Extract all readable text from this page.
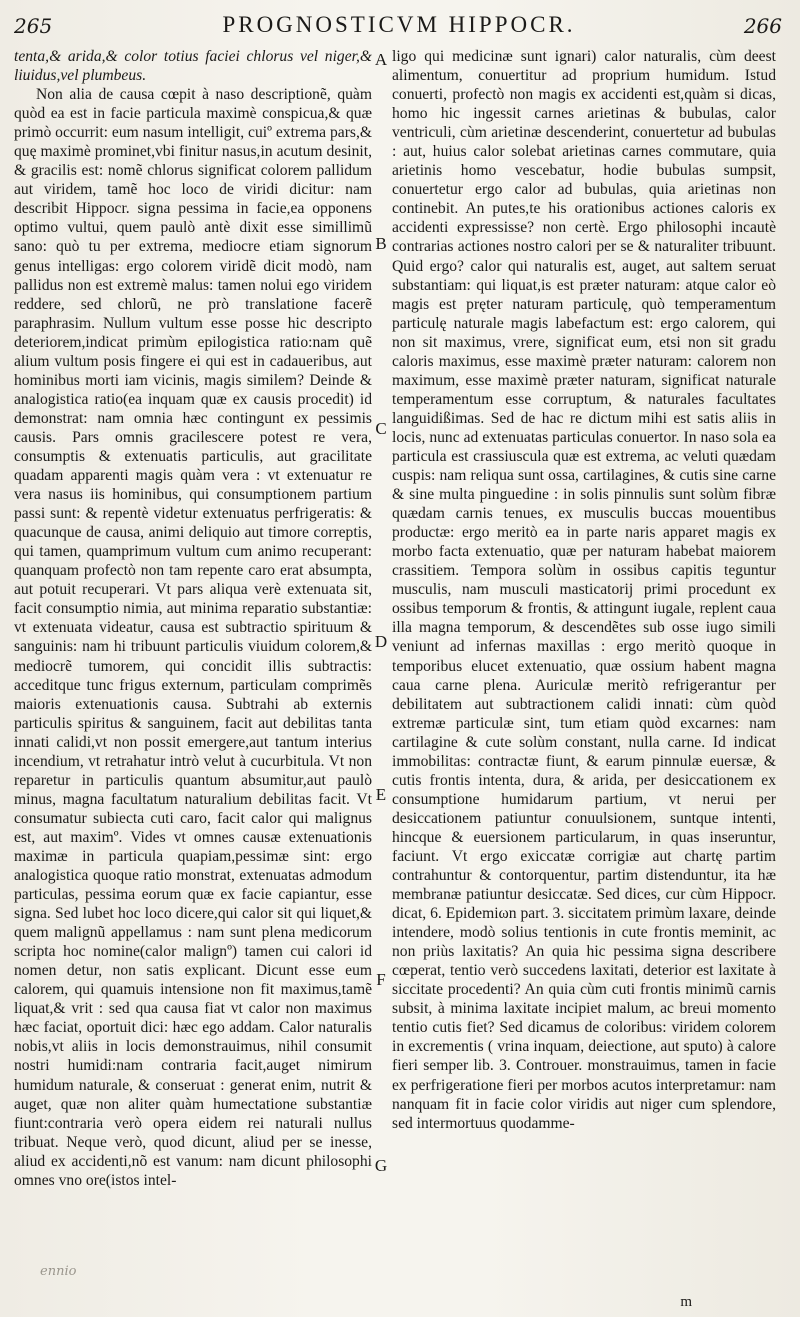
265	PROGNOSTICVM HIPPOCR.	266

tenta,& arida,& color totius faciei chlorus vel niger,& liuidus,vel plumbeus.

Non alia de causa cœpit à naso descriptionẽ, quàm quòd ea est in facie particula maximè conspicua,& quæ primò occurrit: eum nasum intelligit, cuiº extrema pars,& quę maximè prominet,vbi finitur nasus,in acutum desinit, & gracilis est: nomẽ chlorus significat colorem pallidum aut viridem, tamẽ hoc loco de viridi dicitur: nam describit Hippocr. signa pessima in facie,ea opponens optimo vultui, quem paulò antè dixit esse simillimũ sano: quò tu per extrema, mediocre etiam signorum genus intelligas: ergo colorem viridẽ dicit modò, nam pallidus non est extremè malus: tamen nolui ego viridem reddere, sed chlorũ, ne prò translatione facerẽ paraphrasim. Nullum vultum esse posse hic descripto deteriorem,indicat primùm epilogistica ratio:nam quẽ alium vultum posis fingere ei qui est in cadaueribus, aut hominibus morti iam vicinis, magis similem? Deinde & analogistica ratio(ea inquam quæ ex causis procedit) id demonstrat: nam omnia hæc contingunt ex pessimis causis. Pars omnis gracilescere potest re vera, consumptis & extenuatis particulis, aut gracilitate quadam apparenti magis quàm vera : vt extenuatur re vera nasus iis hominibus, qui consumptionem partium passi sunt: & repentè videtur extenuatus perfrigeratis: & quacunque de causa, animi deliquio aut timore correptis, qui tamen, quamprimum vultum cum animo recuperant: quanquam profectò non tam repente caro erat absumpta, aut potuit recuperari. Vt pars aliqua verè extenuata sit, facit consumptio nimia, aut minima reparatio substantiæ: vt extenuata videatur, causa est subtractio spirituum & sanguinis: nam hi tribuunt particulis viuidum colorem,& mediocrẽ tumorem, qui concidit illis subtractis: acceditque tunc frigus externum, particulam comprimẽs maioris extenuationis causa. Subtrahi ab externis particulis spiritus & sanguinem, facit aut debilitas tanta innati calidi,vt non possit emergere,aut tantum interius incendium, vt retrahatur intrò velut à cucurbitula. Vt non reparetur in particulis quantum absumitur,aut paulò minus, magna facultatum naturalium debilitas facit. Vt consumatur subiecta cuti caro, facit calor qui malignus est, aut maximº. Vides vt omnes causæ extenuationis maximæ in particula quapiam,pessimæ sint: ergo analogistica quoque ratio monstrat, extenuatas admodum particulas, pessima eorum quæ ex facie capiantur, esse signa. Sed lubet hoc loco dicere,qui calor sit qui liquet,& quem malignũ appellamus : nam sunt plena medicorum scripta hoc nomine(calor malignº) tamen cui calori id nomen detur, non satis explicant. Dicunt esse eum calorem, qui quamuis intensione non fit maximus,tamẽ liquat,& vrit : sed qua causa fiat vt calor non maximus hæc faciat, oportuit dici: hæc ego addam. Calor naturalis nobis,vt aliis in locis demonstrauimus, nihil consumit nostri humidi:nam contraria facit,auget nimirum humidum naturale, & conseruat : generat enim, nutrit & auget, quæ non aliter quàm humectatione substantiæ fiunt:contraria verò opera eidem rei naturali nullus tribuat. Neque verò, quod dicunt, aliud per se inesse, aliud ex accidenti,nõ est vanum: nam dicunt philosophi omnes vno ore(istos intel-

A
B
C
D
E
F
G

ligo qui medicinæ sunt ignari) calor naturalis, cùm deest alimentum, conuertitur ad proprium humidum. Istud conuerti, profectò non magis ex accidenti est,quàm si dicas, homo hic ingessit carnes arietinas & bubulas, calor ventriculi, cùm arietinæ descenderint, conuertetur ad bubulas : aut, huius calor solebat arietinas carnes commutare, quia arietinis homo vescebatur, hodie bubulas sumpsit, conuertetur ergo calor ad bubulas, quia arietinas non continebit. An putes,te his orationibus actiones caloris ex accidenti expressisse? non certè. Ergo philosophi incautè contrarias actiones nostro calori per se & naturaliter tribuunt. Quid ergo? calor qui naturalis est, auget, aut saltem seruat substantiam: qui liquat,is est præter naturam: atque calor eò magis est pręter naturam particulę, quò temperamentum particulę naturale magis labefactum est: ergo calorem, qui non sit maximus, vrere, significat eum, etsi non sit gradu caloris maximus, esse maximè præter naturam: calorem non maximum, esse maximè præter naturam, significat naturale temperamentum esse corruptum, & naturales facultates languidißimas. Sed de hac re dictum mihi est satis aliis in locis, nunc ad extenuatas particulas conuertor. In naso sola ea particula est crassiuscula quæ est extrema, ac veluti quædam cuspis: nam reliqua sunt ossa, cartilagines, & cutis sine carne & sine multa pinguedine : in solis pinnulis sunt solùm fibræ quædam carnis tenues, ex musculis buccas mouentibus productæ: ergo meritò ea in parte naris apparet magis ex morbo facta extenuatio, quæ per naturam habebat maiorem crassitiem. Tempora solùm in ossibus capitis teguntur musculis, nam musculi masticatorij primi procedunt ex ossibus temporum & frontis, & attingunt iugale, replent caua illa magna temporum, & descendẽtes sub osse iugo simili veniunt ad infernas maxillas : ergo meritò quoque in temporibus elucet extenuatio, quæ ossium habent magna caua carne plena. Auriculæ meritò refrigerantur per debilitatem aut subtractionem calidi innati: cùm quòd extremæ particulæ sint, tum etiam quòd excarnes: nam cartilagine & cute solùm constant, nulla carne. Id indicat immobilitas: contractæ fiunt, & earum pinnulæ euersæ, & cutis frontis intenta, dura, & arida, per desiccationem ex consumptione humidarum partium, vt nerui per desiccationem patiuntur conuulsionem, suntque intenti, hincque & euersionem particularum, in quas inseruntur, faciunt. Vt ergo exiccatæ corrigiæ aut chartę partim contrahuntur & contorquentur, partim distenduntur, ita hæ membranæ patiuntur desiccatæ. Sed dices, cur cùm Hippocr. dicat, 6. Epidemiωn part. 3. siccitatem primùm laxare, deinde intendere, modò solius tentionis in cute frontis meminit, ac non priùs laxitatis? An quia hic pessima signa describere cœperat, tentio verò succedens laxitati, deterior est laxitate à siccitate procedenti? An quia cùm cuti frontis minimũ carnis subsit, à minima laxitate incipiet malum, ac breui momento tentio cutis fiet? Sed dicamus de coloribus: viridem colorem in excrementis ( vrina inquam, deiectione, aut sputo) à calore fieri semper lib. 3. Controuer. monstrauimus, tamen in facie ex perfrigeratione fieri per morbos acutos interpretamur: nam nanquam fit in facie color viridis aut niger cum splendore, sed intermortuus quodamme-

ennio
m
